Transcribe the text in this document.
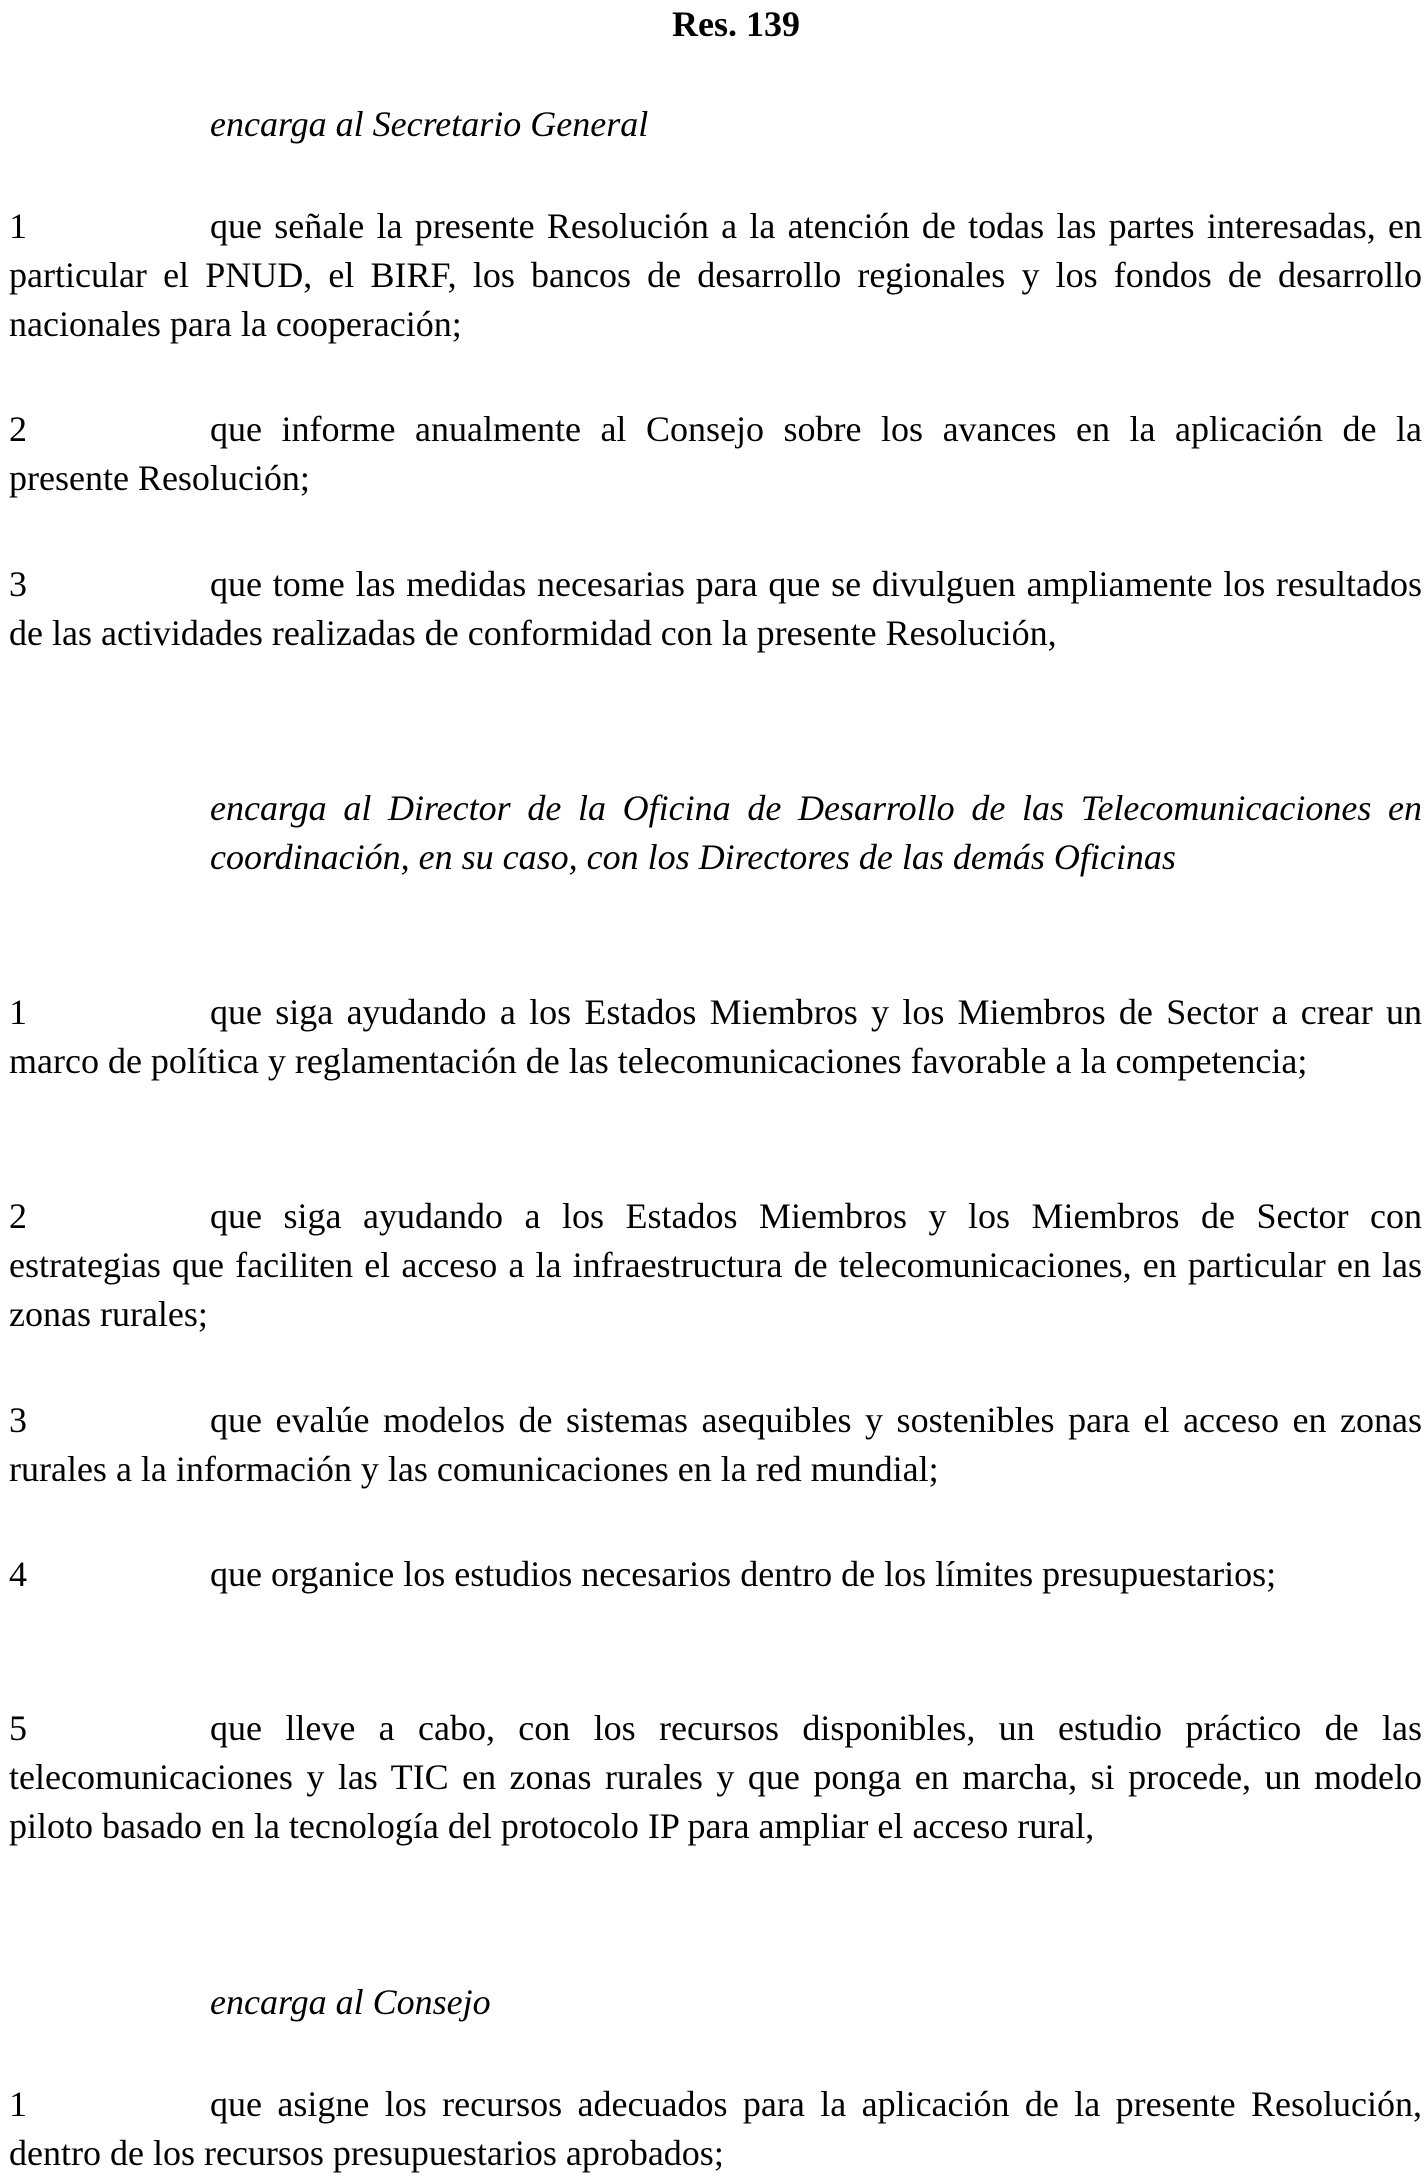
Res. 139
encarga al Secretario General
1	que señale la presente Resolución a la atención de todas las partes interesadas, en particular el PNUD, el BIRF, los bancos de desarrollo regionales y los fondos de desarrollo nacionales para la cooperación;
2	que informe anualmente al Consejo sobre los avances en la aplicación de la presente Resolución;
3	que tome las medidas necesarias para que se divulguen ampliamente los resultados de las actividades realizadas de conformidad con la presente Resolución,
encarga al Director de la Oficina de Desarrollo de las Telecomunicaciones en coordinación, en su caso, con los Directores de las demás Oficinas
1	que siga ayudando a los Estados Miembros y los Miembros de Sector a crear un marco de política y reglamentación de las telecomunicaciones favorable a la competencia;
2	que siga ayudando a los Estados Miembros y los Miembros de Sector con estrategias que faciliten el acceso a la infraestructura de telecomunicaciones, en particular en las zonas rurales;
3	que evalúe modelos de sistemas asequibles y sostenibles para el acceso en zonas rurales a la información y las comunicaciones en la red mundial;
4	que organice los estudios necesarios dentro de los límites presupuestarios;
5	que lleve a cabo, con los recursos disponibles, un estudio práctico de las telecomunicaciones y las TIC en zonas rurales y que ponga en marcha, si procede, un modelo piloto basado en la tecnología del protocolo IP para ampliar el acceso rural,
encarga al Consejo
1	que asigne los recursos adecuados para la aplicación de la presente Resolución, dentro de los recursos presupuestarios aprobados;
